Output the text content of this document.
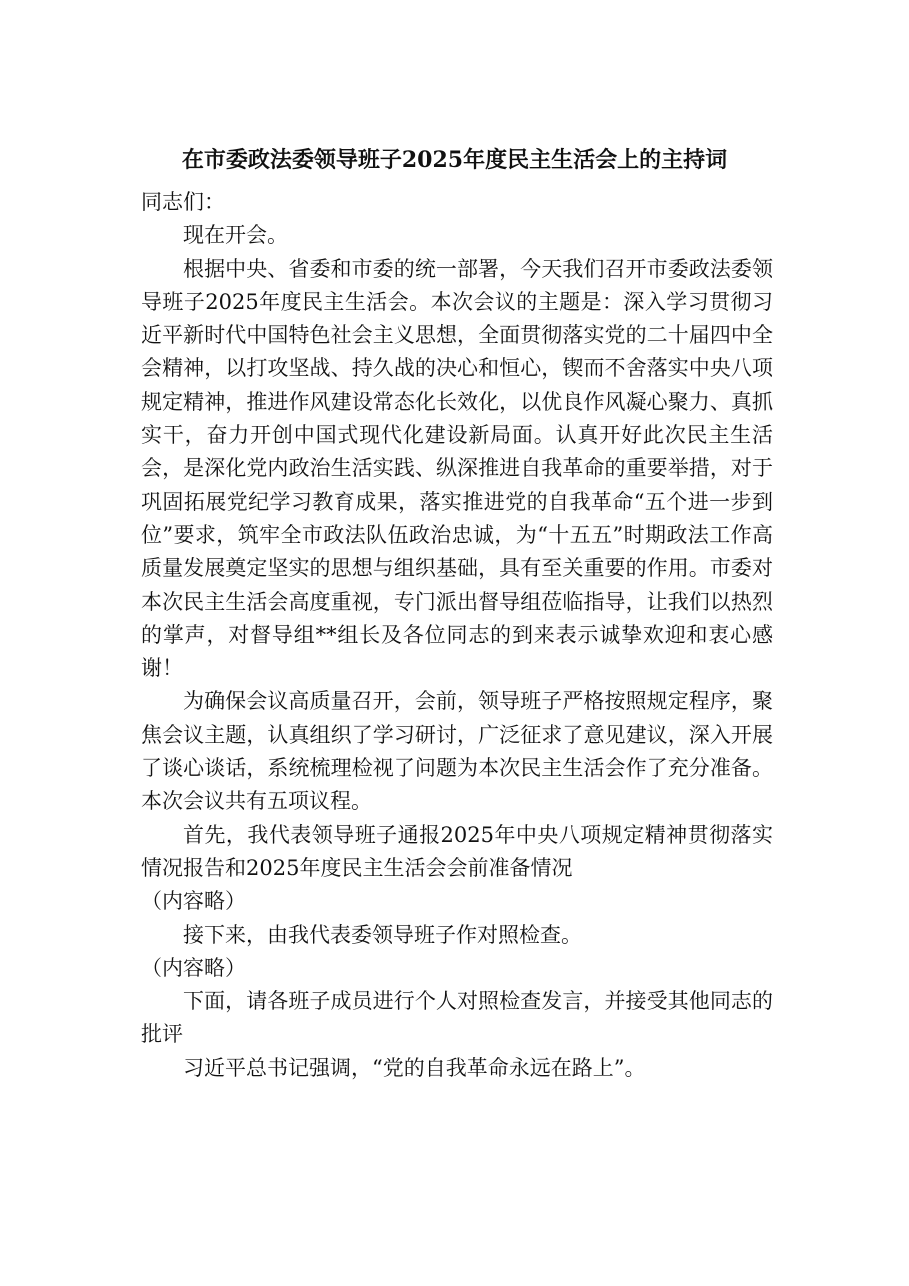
在市委政法委领导班子2025年度民主生活会上的主持词

同志们：

现在开会。

根据中央、省委和市委的统一部署，今天我们召开市委政法委领导班子2025年度民主生活会。本次会议的主题是：深入学习贯彻习近平新时代中国特色社会主义思想，全面贯彻落实党的二十届四中全会精神，以打攻坚战、持久战的决心和恒心，锲而不舍落实中央八项规定精神，推进作风建设常态化长效化，以优良作风凝心聚力、真抓实干，奋力开创中国式现代化建设新局面。认真开好此次民主生活会，是深化党内政治生活实践、纵深推进自我革命的重要举措，对于巩固拓展党纪学习教育成果，落实推进党的自我革命“五个进一步到位”要求，筑牢全市政法队伍政治忠诚，为“十五五”时期政法工作高质量发展奠定坚实的思想与组织基础，具有至关重要的作用。市委对本次民主生活会高度重视，专门派出督导组莅临指导，让我们以热烈的掌声，对督导组**组长及各位同志的到来表示诚挚欢迎和衷心感谢！

为确保会议高质量召开，会前，领导班子严格按照规定程序，聚焦会议主题，认真组织了学习研讨，广泛征求了意见建议，深入开展了谈心谈话，系统梳理检视了问题为本次民主生活会作了充分准备。本次会议共有五项议程。

首先，我代表领导班子通报2025年中央八项规定精神贯彻落实情况报告和2025年度民主生活会会前准备情况

（内容略）

接下来，由我代表委领导班子作对照检查。

（内容略）

下面，请各班子成员进行个人对照检查发言，并接受其他同志的批评

习近平总书记强调，“党的自我革命永远在路上”。
